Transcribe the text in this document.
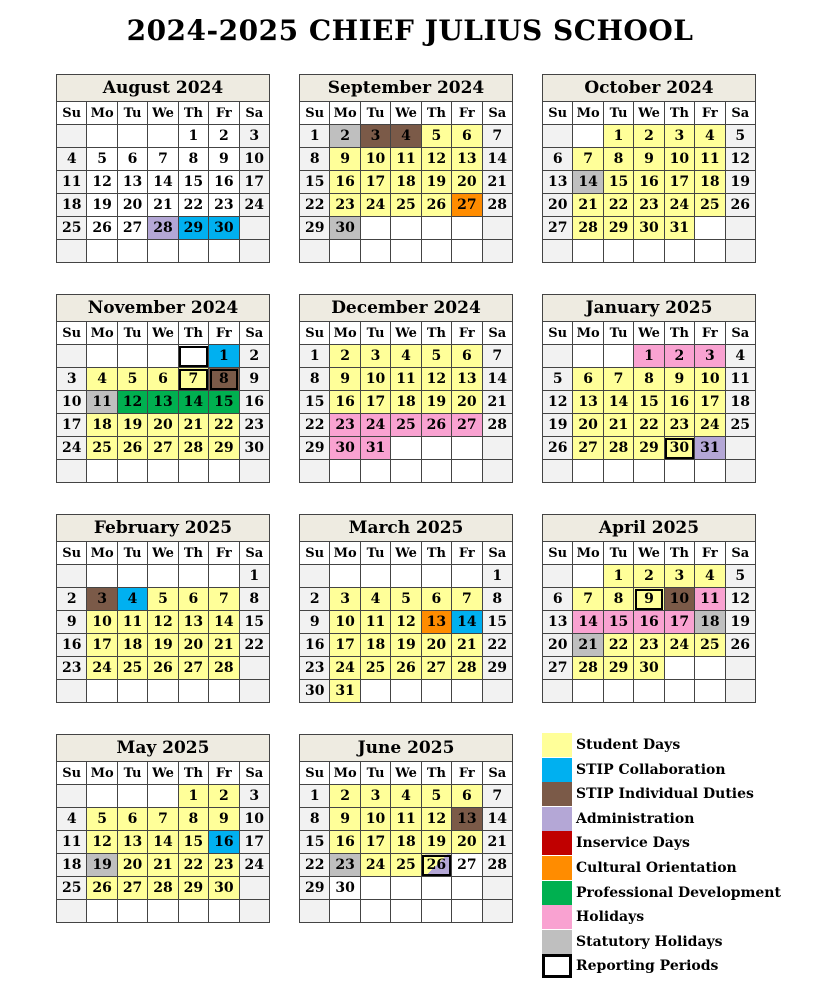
2024-2025 CHIEF JULIUS SCHOOL
August 2024						
Su	Mo	Tu	We	Th	Fr	Sa
				1	2	3
4	5	6	7	8	9	10
11	12	13	14	15	16	17
18	19	20	21	22	23	24
25	26	27	28	29	30	

September 2024						
Su	Mo	Tu	We	Th	Fr	Sa
1	2	3	4	5	6	7
8	9	10	11	12	13	14
15	16	17	18	19	20	21
22	23	24	25	26	27	28
29	30					

October 2024						
Su	Mo	Tu	We	Th	Fr	Sa
		1	2	3	4	5
6	7	8	9	10	11	12
13	14	15	16	17	18	19
20	21	22	23	24	25	26
27	28	29	30	31		

November 2024						
Su	Mo	Tu	We	Th	Fr	Sa
					1	2
3	4	5	6	7	8	9
10	11	12	13	14	15	16
17	18	19	20	21	22	23
24	25	26	27	28	29	30

December 2024						
Su	Mo	Tu	We	Th	Fr	Sa
1	2	3	4	5	6	7
8	9	10	11	12	13	14
15	16	17	18	19	20	21
22	23	24	25	26	27	28
29	30	31				

January 2025						
Su	Mo	Tu	We	Th	Fr	Sa
			1	2	3	4
5	6	7	8	9	10	11
12	13	14	15	16	17	18
19	20	21	22	23	24	25
26	27	28	29	30	31	

February 2025						
Su	Mo	Tu	We	Th	Fr	Sa
						1
2	3	4	5	6	7	8
9	10	11	12	13	14	15
16	17	18	19	20	21	22
23	24	25	26	27	28	

March 2025						
Su	Mo	Tu	We	Th	Fr	Sa
						1
2	3	4	5	6	7	8
9	10	11	12	13	14	15
16	17	18	19	20	21	22
23	24	25	26	27	28	29
30	31					
April 2025						
Su	Mo	Tu	We	Th	Fr	Sa
		1	2	3	4	5
6	7	8	9	10	11	12
13	14	15	16	17	18	19
20	21	22	23	24	25	26
27	28	29	30			

May 2025						
Su	Mo	Tu	We	Th	Fr	Sa
				1	2	3
4	5	6	7	8	9	10
11	12	13	14	15	16	17
18	19	20	21	22	23	24
25	26	27	28	29	30	

June 2025						
Su	Mo	Tu	We	Th	Fr	Sa
1	2	3	4	5	6	7
8	9	10	11	12	13	14
15	16	17	18	19	20	21
22	23	24	25	26	27	28
29	30					

Student Days
STIP Collaboration
STIP Individual Duties
Administration
Inservice Days
Cultural Orientation
Professional Development
Holidays
Statutory Holidays
Reporting Periods
